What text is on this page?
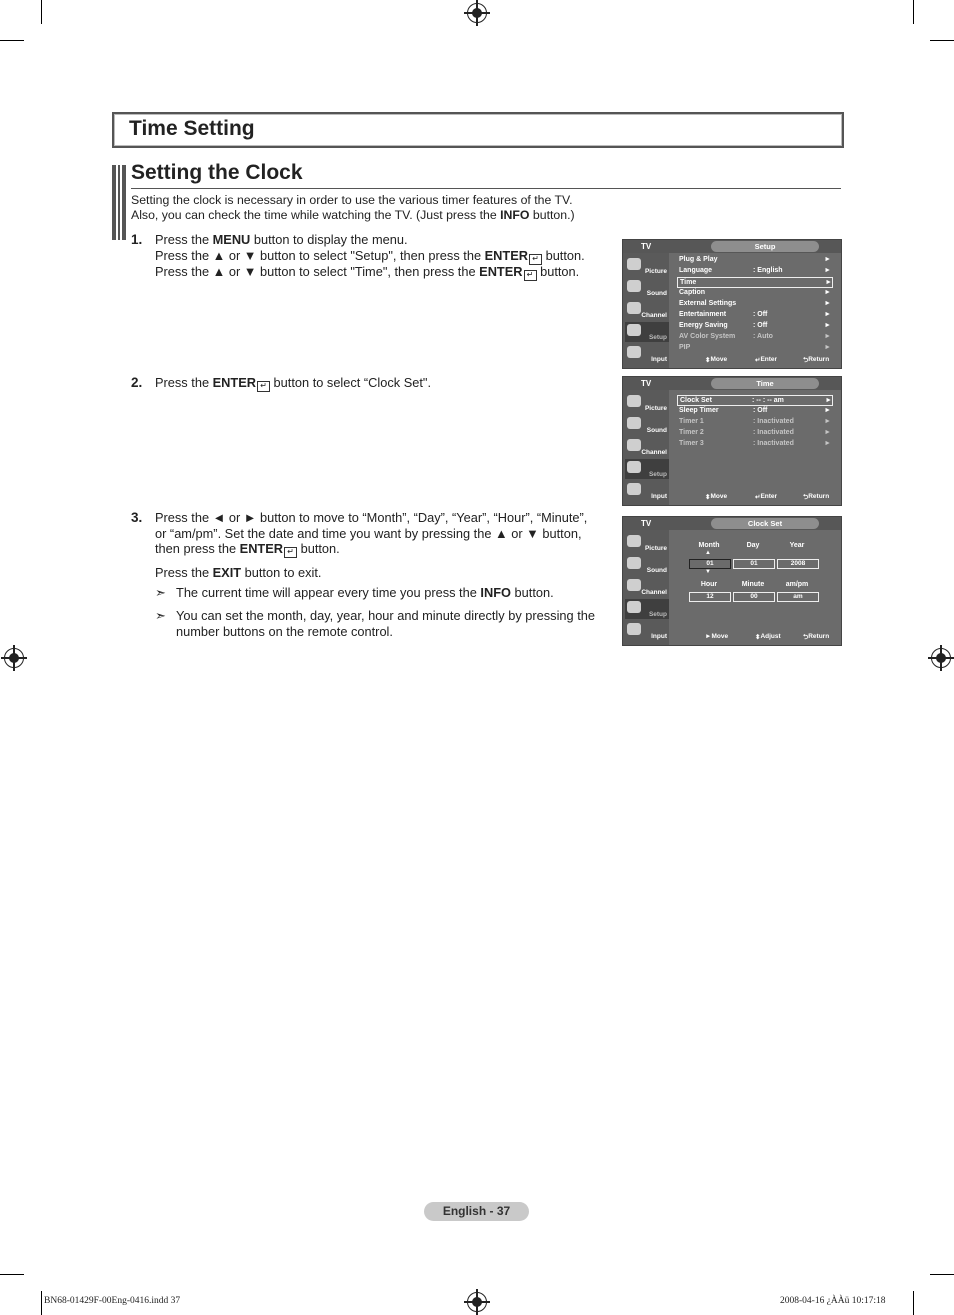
Time Setting
Setting the Clock
Setting the clock is necessary in order to use the various timer features of the TV.
Also, you can check the time while watching the TV. (Just press the INFO button.)
1. Press the MENU button to display the menu.
Press the ▲ or ▼ button to select "Setup", then press the ENTER ↵ button.
Press the ▲ or ▼ button to select "Time", then press the ENTER ↵ button.
2. Press the ENTER ↵ button to select “Clock Set".
3. Press the ◄ or ► button to move to “Month”, “Day”, “Year”, “Hour”, “Minute”,
or “am/pm”. Set the date and time you want by pressing the ▲ or ▼ button,
then press the ENTER ↵ button.
Press the EXIT button to exit.
➣ The current time will appear every time you press the INFO button.
➣ You can set the month, day, year, hour and minute directly by pressing the
number buttons on the remote control.
TV	Setup
Picture
Sound
Channel
Setup
Input
Plug & Play	►
Language	: English	►
Time	►
Caption	►
External Settings	►
Entertainment	: Off	►
Energy Saving	: Off	►
AV Color System	: Auto	►
PIP	►
⬍ Move	↵ Enter	⮌ Return
TV	Time
Picture
Sound
Channel
Setup
Input
Clock Set	: -- : -- am	►
Sleep Timer	: Off	►
Timer 1	: Inactivated	►
Timer 2	: Inactivated	►
Timer 3	: Inactivated	►
⬍ Move	↵ Enter	⮌ Return
TV	Clock Set
Picture
Sound
Channel
Setup
Input
Month	Day	Year
▲
01	01	2008
▼
Hour	Minute	am/pm
12	00	am
► Move	⬍ Adjust	⮌ Return
English - 37
BN68-01429F-00Eng-0416.indd 37	2008-04-16 ¿ÀÀü 10:17:18
